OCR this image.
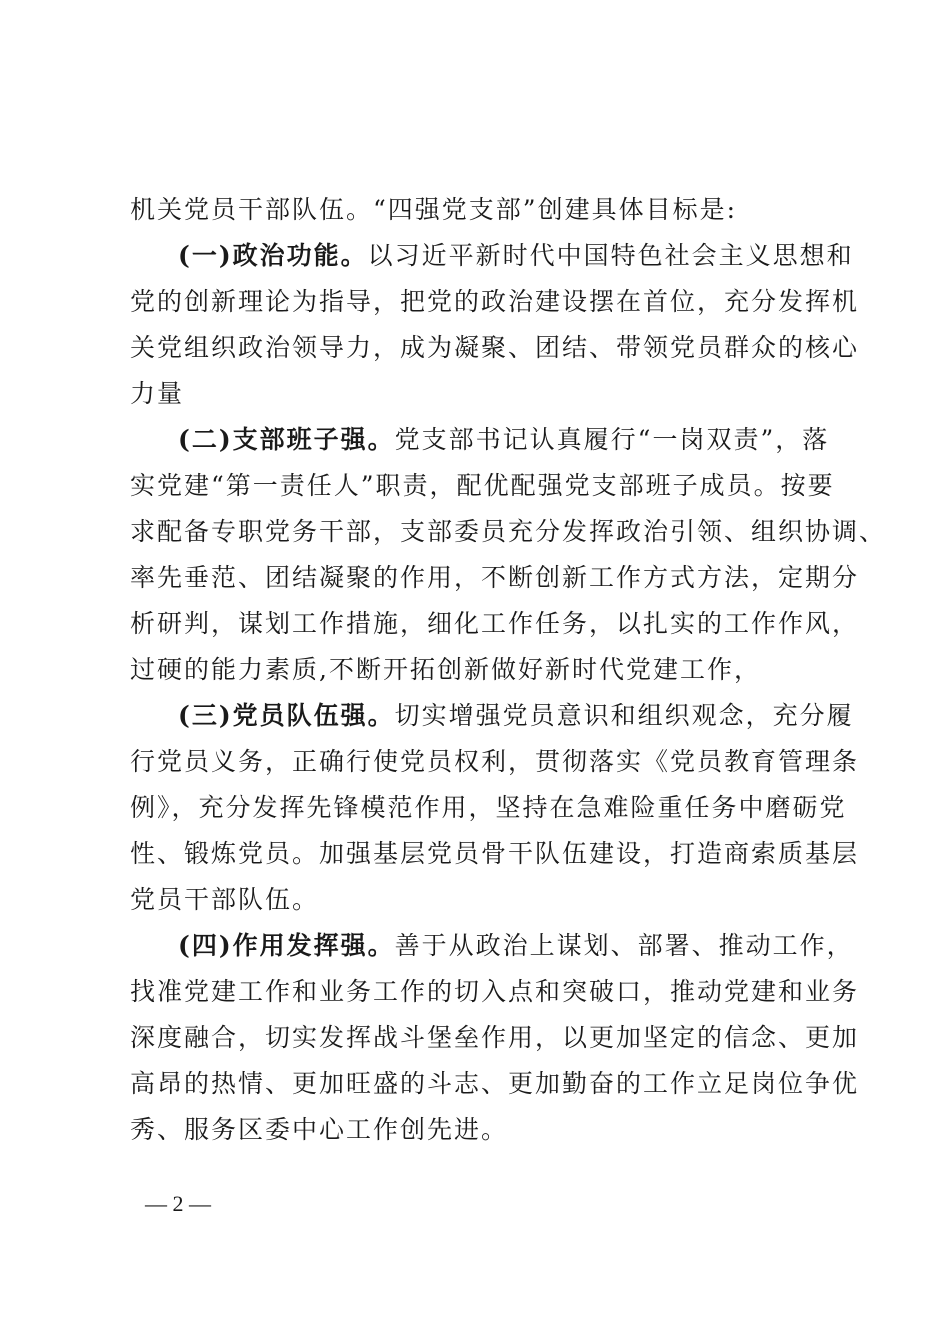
机关党员干部队伍。“四强党支部”创建具体目标是:
(一)政治功能。以习近平新时代中国特色社会主义思想和
党的创新理论为指导，把党的政治建设摆在首位，充分发挥机
关党组织政治领导力，成为凝聚、团结、带领党员群众的核心
力量
(二)支部班子强。党支部书记认真履行“一岗双责”，落
实党建“第一责任人”职责，配优配强党支部班子成员。按要
求配备专职党务干部，支部委员充分发挥政治引领、组织协调、
率先垂范、团结凝聚的作用，不断创新工作方式方法，定期分
析研判，谋划工作措施，细化工作任务，以扎实的工作作风，
过硬的能力素质,不断开拓创新做好新时代党建工作，
(三)党员队伍强。切实增强党员意识和组织观念，充分履
行党员义务，正确行使党员权利，贯彻落实《党员教育管理条
例》，充分发挥先锋模范作用，坚持在急难险重任务中磨砺党
性、锻炼党员。加强基层党员骨干队伍建设，打造商索质基层
党员干部队伍。
(四)作用发挥强。善于从政治上谋划、部署、推动工作，
找准党建工作和业务工作的切入点和突破口，推动党建和业务
深度融合，切实发挥战斗堡垒作用，以更加坚定的信念、更加
高昂的热情、更加旺盛的斗志、更加勤奋的工作立足岗位争优
秀、服务区委中心工作创先进。
— 2 —
